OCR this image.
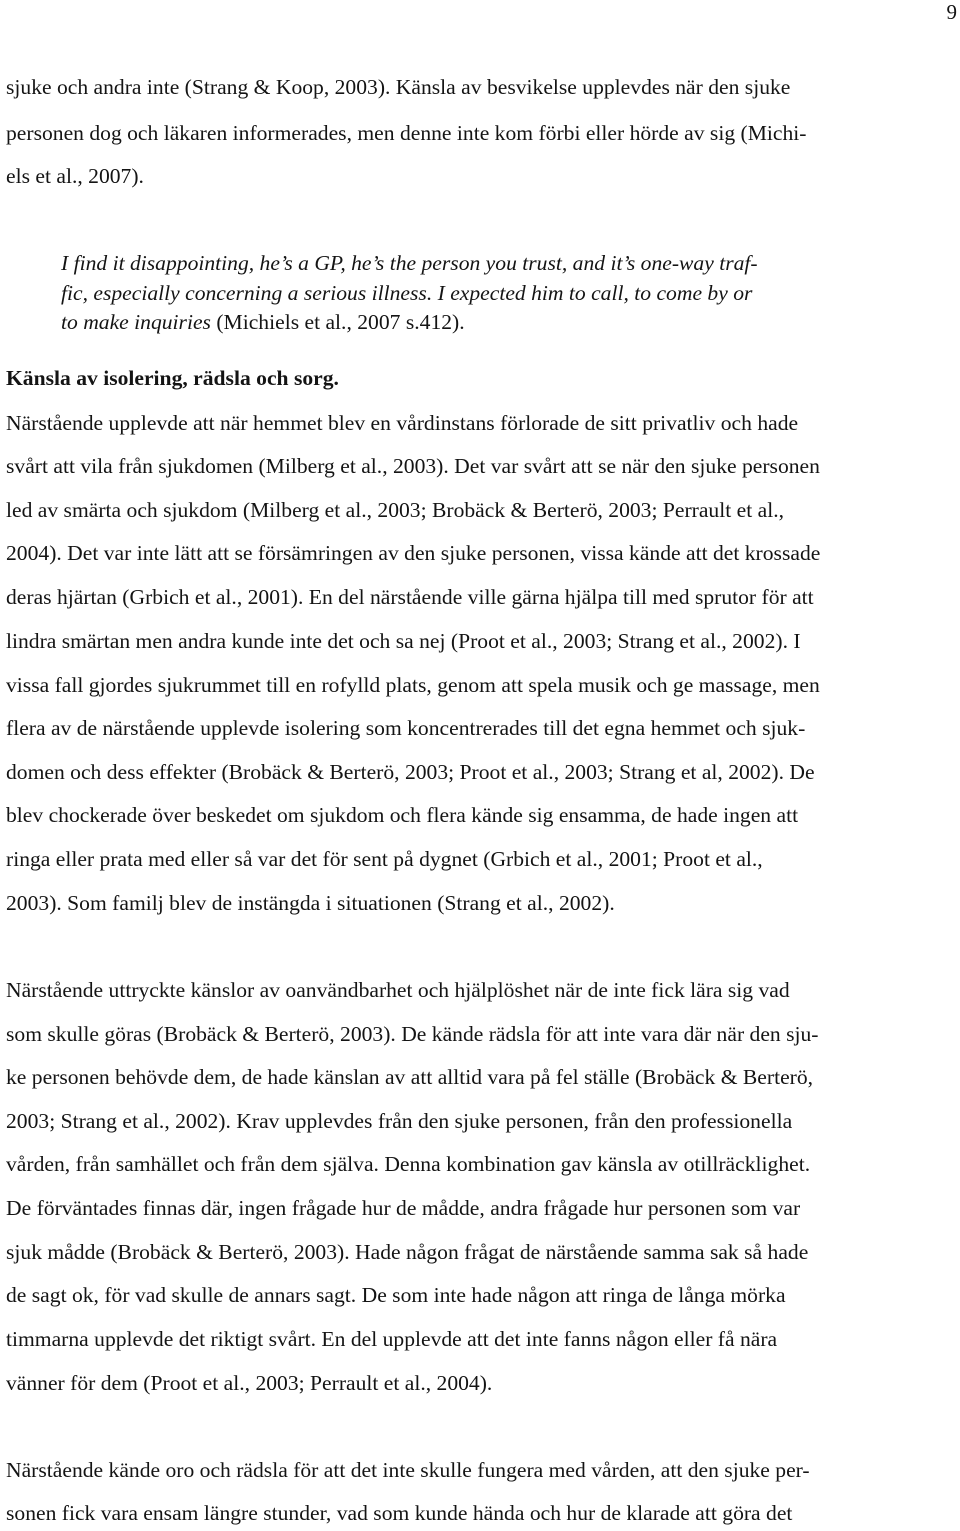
9
sjuke och andra inte (Strang & Koop, 2003). Känsla av besvikelse upplevdes när den sjuke
personen dog och läkaren informerades, men denne inte kom förbi eller hörde av sig (Michi-
els et al., 2007).
I find it disappointing, he’s a GP, he’s the person you trust, and it’s one-way traf-
fic, especially concerning a serious illness. I expected him to call, to come by or
to make inquiries (Michiels et al., 2007 s.412).
Känsla av isolering, rädsla och sorg.
Närstående upplevde att när hemmet blev en vårdinstans förlorade de sitt privatliv och hade
svårt att vila från sjukdomen (Milberg et al., 2003). Det var svårt att se när den sjuke personen
led av smärta och sjukdom (Milberg et al., 2003; Brobäck & Berterö, 2003; Perrault et al.,
2004). Det var inte lätt att se försämringen av den sjuke personen, vissa kände att det krossade
deras hjärtan (Grbich et al., 2001). En del närstående ville gärna hjälpa till med sprutor för att
lindra smärtan men andra kunde inte det och sa nej (Proot et al., 2003; Strang et al., 2002). I
vissa fall gjordes sjukrummet till en rofylld plats, genom att spela musik och ge massage, men
flera av de närstående upplevde isolering som koncentrerades till det egna hemmet och sjuk-
domen och dess effekter (Brobäck & Berterö, 2003; Proot et al., 2003; Strang et al, 2002). De
blev chockerade över beskedet om sjukdom och flera kände sig ensamma, de hade ingen att
ringa eller prata med eller så var det för sent på dygnet (Grbich et al., 2001; Proot et al.,
2003). Som familj blev de instängda i situationen (Strang et al., 2002).
Närstående uttryckte känslor av oanvändbarhet och hjälplöshet när de inte fick lära sig vad
som skulle göras (Brobäck & Berterö, 2003). De kände rädsla för att inte vara där när den sju-
ke personen behövde dem, de hade känslan av att alltid vara på fel ställe (Brobäck & Berterö,
2003; Strang et al., 2002). Krav upplevdes från den sjuke personen, från den professionella
vården, från samhället och från dem själva. Denna kombination gav känsla av otillräcklighet.
De förväntades finnas där, ingen frågade hur de mådde, andra frågade hur personen som var
sjuk mådde (Brobäck & Berterö, 2003). Hade någon frågat de närstående samma sak så hade
de sagt ok, för vad skulle de annars sagt. De som inte hade någon att ringa de långa mörka
timmarna upplevde det riktigt svårt. En del upplevde att det inte fanns någon eller få nära
vänner för dem (Proot et al., 2003; Perrault et al., 2004).
Närstående kände oro och rädsla för att det inte skulle fungera med vården, att den sjuke per-
sonen fick vara ensam längre stunder, vad som kunde hända och hur de klarade att göra det
